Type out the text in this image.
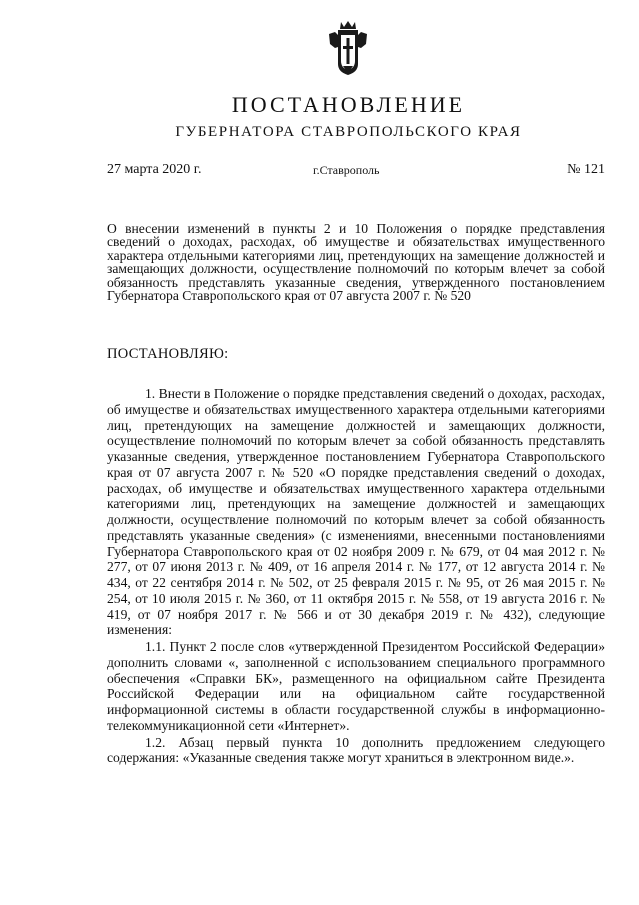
ПОСТАНОВЛЕНИЕ
ГУБЕРНАТОРА СТАВРОПОЛЬСКОГО КРАЯ
27 марта 2020 г.	г.Ставрополь	№ 121
О внесении изменений в пункты 2 и 10 Положения о порядке представления сведений о доходах, расходах, об имуществе и обязательствах имущественного характера отдельными категориями лиц, претендующих на замещение должностей и замещающих должности, осуществление полномочий по которым влечет за собой обязанность представлять указанные сведения, утвержденного постановлением Губернатора Ставропольского края от 07 августа 2007 г. № 520
ПОСТАНОВЛЯЮ:

1. Внести в Положение о порядке представления сведений о доходах, расходах, об имуществе и обязательствах имущественного характера отдельными категориями лиц, претендующих на замещение должностей и замещающих должности, осуществление полномочий по которым влечет за собой обязанность представлять указанные сведения, утвержденное постановлением Губернатора Ставропольского края от 07 августа 2007 г. № 520 «О порядке представления сведений о доходах, расходах, об имуществе и обязательствах имущественного характера отдельными категориями лиц, претендующих на замещение должностей и замещающих должности, осуществление полномочий по которым влечет за собой обязанность представлять указанные сведения» (с изменениями, внесенными постановлениями Губернатора Ставропольского края от 02 ноября 2009 г. № 679, от 04 мая 2012 г. № 277, от 07 июня 2013 г. № 409, от 16 апреля 2014 г. № 177, от 12 августа 2014 г. № 434, от 22 сентября 2014 г. № 502, от 25 февраля 2015 г. № 95, от 26 мая 2015 г. № 254, от 10 июля 2015 г. № 360, от 11 октября 2015 г. № 558, от 19 августа 2016 г. № 419, от 07 ноября 2017 г. № 566 и от 30 декабря 2019 г. № 432), следующие изменения:

1.1. Пункт 2 после слов «утвержденной Президентом Российской Федерации» дополнить словами «, заполненной с использованием специального программного обеспечения «Справки БК», размещенного на официальном сайте Президента Российской Федерации или на официальном сайте государственной информационной системы в области государственной службы в информационно-телекоммуникационной сети «Интернет».

1.2. Абзац первый пункта 10 дополнить предложением следующего содержания: «Указанные сведения также могут храниться в электронном виде.».
